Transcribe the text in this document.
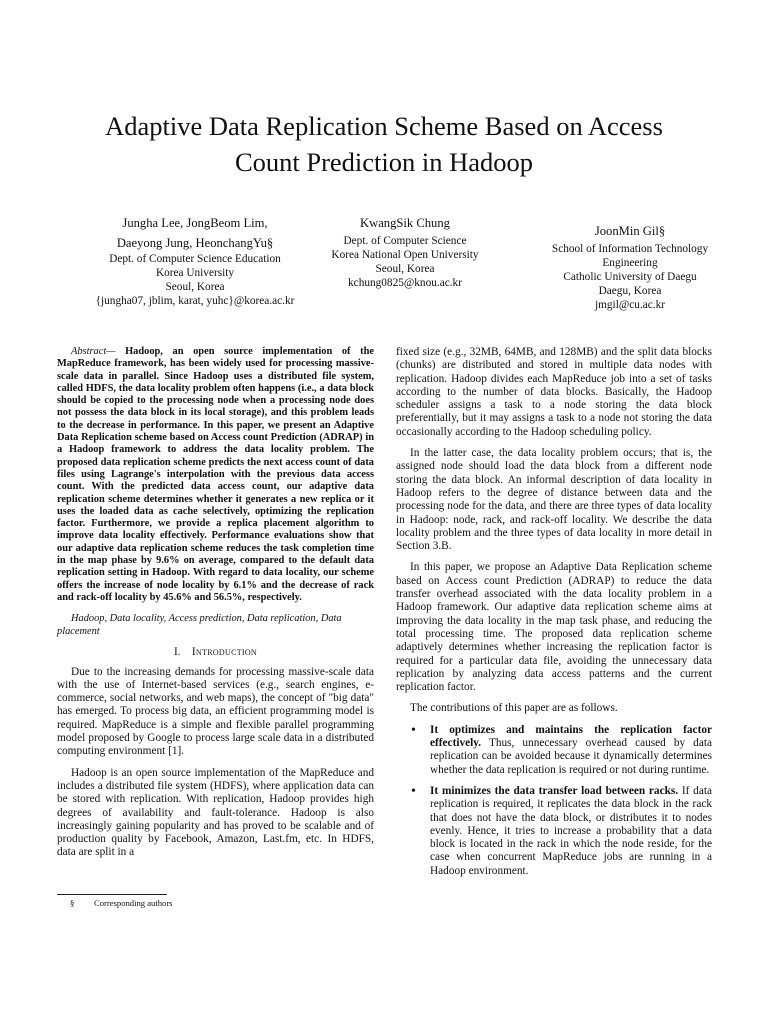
Adaptive Data Replication Scheme Based on Access
Count Prediction in Hadoop
Jungha Lee, JongBeom Lim,
Daeyong Jung, HeonchangYu§
Dept. of Computer Science Education
Korea University
Seoul, Korea
{jungha07, jblim, karat, yuhc}@korea.ac.kr
KwangSik Chung
Dept. of Computer Science
Korea National Open University
Seoul, Korea
kchung0825@knou.ac.kr
JoonMin Gil§
School of Information Technology
Engineering
Catholic University of Daegu
Daegu, Korea
jmgil@cu.ac.kr

Abstract— Hadoop, an open source implementation of the MapReduce framework, has been widely used for processing massive-scale data in parallel. Since Hadoop uses a distributed file system, called HDFS, the data locality problem often happens (i.e., a data block should be copied to the processing node when a processing node does not possess the data block in its local storage), and this problem leads to the decrease in performance. In this paper, we present an Adaptive Data Replication scheme based on Access count Prediction (ADRAP) in a Hadoop framework to address the data locality problem. The proposed data replication scheme predicts the next access count of data files using Lagrange's interpolation with the previous data access count. With the predicted data access count, our adaptive data replication scheme determines whether it generates a new replica or it uses the loaded data as cache selectively, optimizing the replication factor. Furthermore, we provide a replica placement algorithm to improve data locality effectively. Performance evaluations show that our adaptive data replication scheme reduces the task completion time in the map phase by 9.6% on average, compared to the default data replication setting in Hadoop. With regard to data locality, our scheme offers the increase of node locality by 6.1% and the decrease of rack and rack-off locality by 45.6% and 56.5%, respectively.

Hadoop, Data locality, Access prediction, Data replication, Data placement

I. Introduction

Due to the increasing demands for processing massive-scale data with the use of Internet-based services (e.g., search engines, e-commerce, social networks, and web maps), the concept of "big data" has emerged. To process big data, an efficient programming model is required. MapReduce is a simple and flexible parallel programming model proposed by Google to process large scale data in a distributed computing environment [1].

Hadoop is an open source implementation of the MapReduce and includes a distributed file system (HDFS), where application data can be stored with replication. With replication, Hadoop provides high degrees of availability and fault-tolerance. Hadoop is also increasingly gaining popularity and has proved to be scalable and of production quality by Facebook, Amazon, Last.fm, etc. In HDFS, data are split in a

fixed size (e.g., 32MB, 64MB, and 128MB) and the split data blocks (chunks) are distributed and stored in multiple data nodes with replication. Hadoop divides each MapReduce job into a set of tasks according to the number of data blocks. Basically, the Hadoop scheduler assigns a task to a node storing the data block preferentially, but it may assigns a task to a node not storing the data occasionally according to the Hadoop scheduling policy.

In the latter case, the data locality problem occurs; that is, the assigned node should load the data block from a different node storing the data block. An informal description of data locality in Hadoop refers to the degree of distance between data and the processing node for the data, and there are three types of data locality in Hadoop: node, rack, and rack-off locality. We describe the data locality problem and the three types of data locality in more detail in Section 3.B.

In this paper, we propose an Adaptive Data Replication scheme based on Access count Prediction (ADRAP) to reduce the data transfer overhead associated with the data locality problem in a Hadoop framework. Our adaptive data replication scheme aims at improving the data locality in the map task phase, and reducing the total processing time. The proposed data replication scheme adaptively determines whether increasing the replication factor is required for a particular data file, avoiding the unnecessary data replication by analyzing data access patterns and the current replication factor.

The contributions of this paper are as follows.

• It optimizes and maintains the replication factor effectively. Thus, unnecessary overhead caused by data replication can be avoided because it dynamically determines whether the data replication is required or not during runtime.
• It minimizes the data transfer load between racks. If data replication is required, it replicates the data block in the rack that does not have the data block, or distributes it to nodes evenly. Hence, it tries to increase a probability that a data block is located in the rack in which the node reside, for the case when concurrent MapReduce jobs are running in a Hadoop environment.
§ Corresponding authors
